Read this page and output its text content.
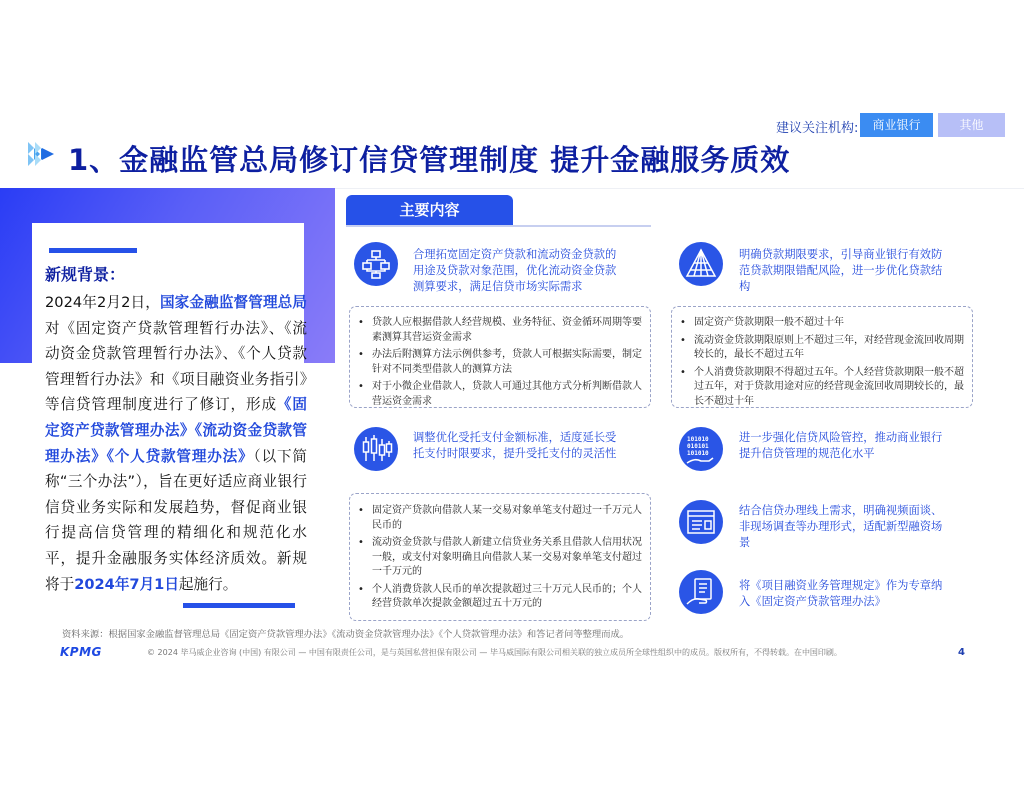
建议关注机构:	商业银行	其他
1、金融监管总局修订信贷管理制度 提升金融服务质效
新规背景：
2024年2月2日，国家金融监督管理总局对《固定资产贷款管理暂行办法》、《流动资金贷款管理暂行办法》、《个人贷款管理暂行办法》和《项目融资业务指引》等信贷管理制度进行了修订，形成《固定资产贷款管理办法》《流动资金贷款管理办法》《个人贷款管理办法》（以下简称“三个办法”），旨在更好适应商业银行信贷业务实际和发展趋势，督促商业银行提高信贷管理的精细化和规范化水平，提升金融服务实体经济质效。新规将于2024年7月1日起施行。
主要内容
合理拓宽固定资产贷款和流动资金贷款的用途及贷款对象范围，优化流动资金贷款测算要求，满足信贷市场实际需求
明确贷款期限要求，引导商业银行有效防范贷款期限错配风险，进一步优化贷款结构
• 贷款人应根据借款人经营规模、业务特征、资金循环周期等要素测算其营运资金需求
• 办法后附测算方法示例供参考，贷款人可根据实际需要，制定针对不同类型借款人的测算方法
• 对于小微企业借款人，贷款人可通过其他方式分析判断借款人营运资金需求
• 固定资产贷款期限一般不超过十年
• 流动资金贷款期限原则上不超过三年，对经营现金流回收周期较长的，最长不超过五年
• 个人消费贷款期限不得超过五年。个人经营贷款期限一般不超过五年，对于贷款用途对应的经营现金流回收周期较长的，最长不超过十年
调整优化受托支付金额标准，适度延长受托支付时限要求，提升受托支付的灵活性
101010
010101
101010
进一步强化信贷风险管控，推动商业银行提升信贷管理的规范化水平
• 固定资产贷款向借款人某一交易对象单笔支付超过一千万元人民币的
• 流动资金贷款与借款人新建立信贷业务关系且借款人信用状况一般，或支付对象明确且向借款人某一交易对象单笔支付超过一千万元的
• 个人消费贷款人民币的单次提款超过三十万元人民币的；个人经营贷款单次提款金额超过五十万元的
结合信贷办理线上需求，明确视频面谈、非现场调查等办理形式，适配新型融资场景
将《项目融资业务管理规定》作为专章纳入《固定资产贷款管理办法》
资料来源：根据国家金融监督管理总局《固定资产贷款管理办法》《流动资金贷款管理办法》《个人贷款管理办法》和答记者问等整理而成。
KPMG	© 2024 毕马威企业咨询 (中国) 有限公司 — 中国有限责任公司，是与英国私营担保有限公司 — 毕马威国际有限公司相关联的独立成员所全球性组织中的成员。版权所有，不得转载。在中国印刷。	4
